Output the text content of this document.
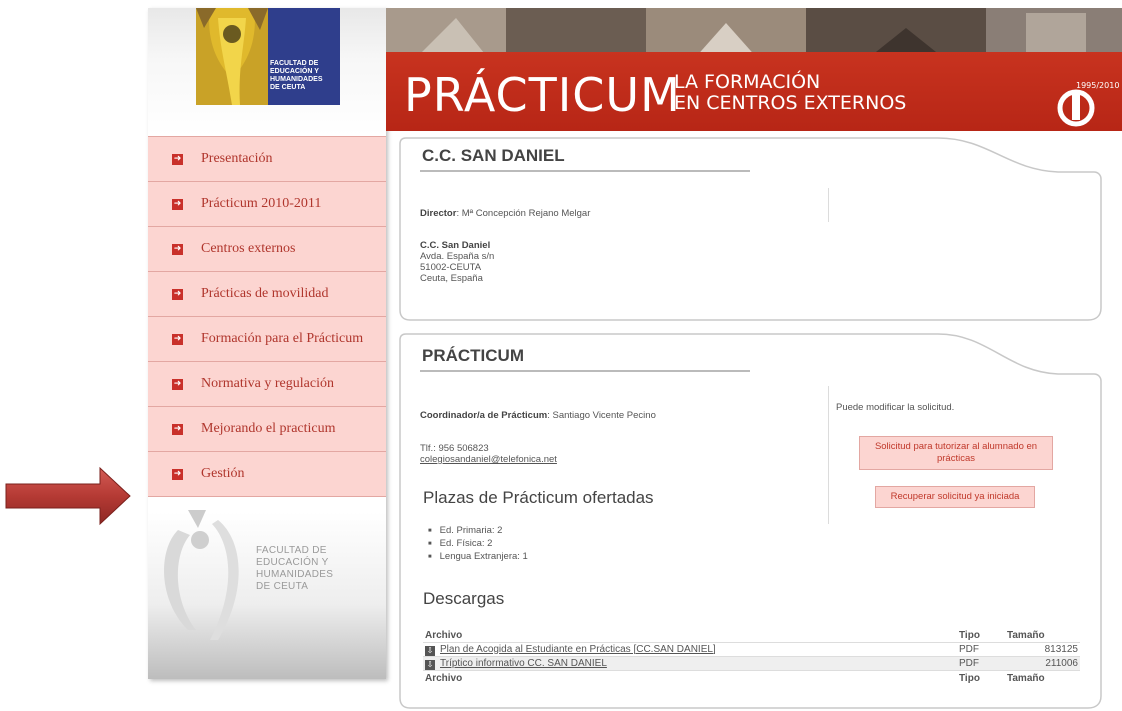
FACULTAD DE
EDUCACIÓN Y
HUMANIDADES
DE CEUTA
➜ Presentación
➜ Prácticum 2010-2011
➜ Centros externos
➜ Prácticas de movilidad
➜ Formación para el Prácticum
➜ Normativa y regulación
➜ Mejorando el practicum
➜ Gestión
FACULTAD DE
EDUCACIÓN Y
HUMANIDADES
DE CEUTA
PRÁCTICUM
LA FORMACIÓN
EN CENTROS EXTERNOS
1995/2010
C.C. SAN DANIEL
Director: Mª Concepción Rejano Melgar
C.C. San Daniel
Avda. España s/n
51002-CEUTA
Ceuta, España
PRÁCTICUM
Coordinador/a de Prácticum: Santiago Vicente Pecino
Tlf.: 956 506823
colegiosandaniel@telefonica.net
Plazas de Prácticum ofertadas
■ Ed. Primaria: 2
■ Ed. Física: 2
■ Lengua Extranjera: 1
Descargas
Archivo	Tipo	Tamaño
⇩ Plan de Acogida al Estudiante en Prácticas [CC.SAN DANIEL]	PDF	813125
⇩ Tríptico informativo CC. SAN DANIEL	PDF	211006
Archivo	Tipo	Tamaño
Puede modificar la solicitud.
Solicitud para tutorizar al alumnado en
prácticas
Recuperar solicitud ya iniciada
